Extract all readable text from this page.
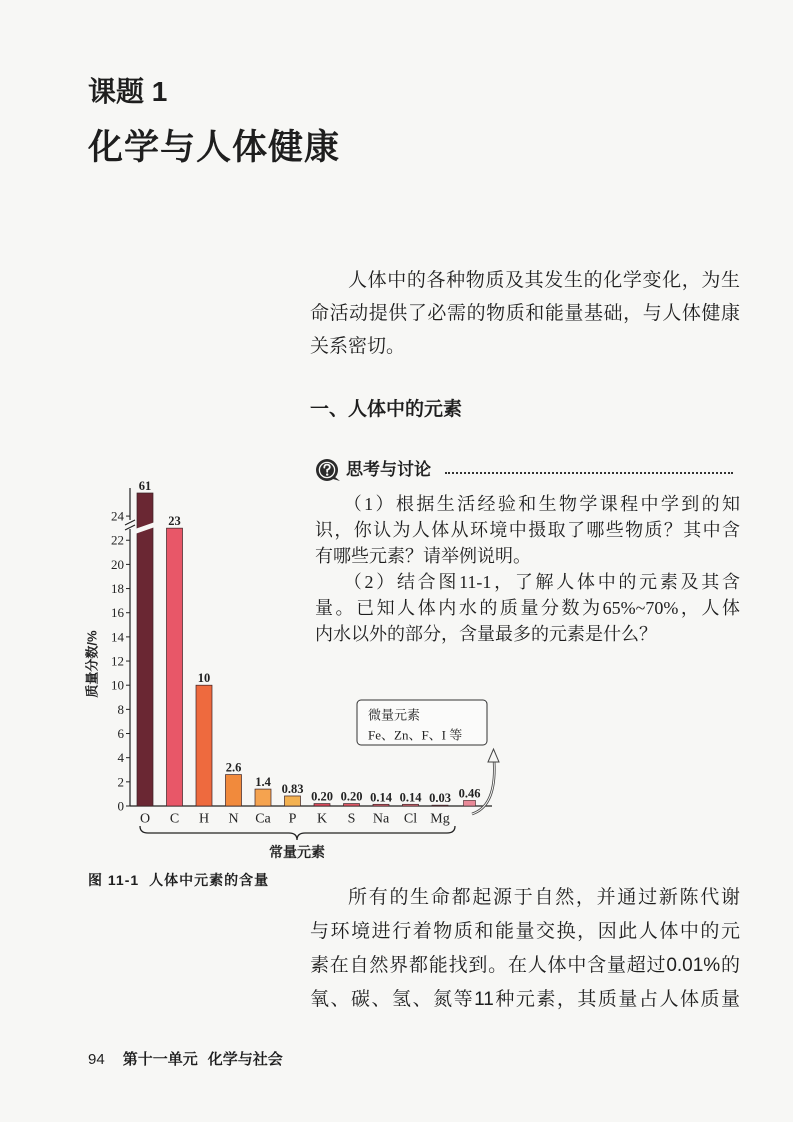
课题 1
化学与人体健康
人体中的各种物质及其发生的化学变化，为生
命活动提供了必需的物质和能量基础，与人体健康
关系密切。
一、人体中的元素
思考与讨论
（1）根据生活经验和生物学课程中学到的知
识，你认为人体从环境中摄取了哪些物质？其中含
有哪些元素？请举例说明。
（2）结合图11-1，了解人体中的元素及其含
量。已知人体内水的质量分数为65%~70%，人体
内水以外的部分，含量最多的元素是什么？
0
2
4
6
8
10
12
14
16
18
20
22
24
质量分数/%
61
O
23
C
10
H
2.6
N
1.4
Ca
0.83
P
0.20
K
0.20
S
0.14
Na
0.14
Cl
0.03
Mg
0.46
常量元素
微量元素
Fe、Zn、F、I 等
图 11-1 人体中元素的含量
所有的生命都起源于自然，并通过新陈代谢
与环境进行着物质和能量交换，因此人体中的元
素在自然界都能找到。在人体中含量超过0.01%的
氧、碳、氢、氮等11种元素，其质量占人体质量
94 第十一单元 化学与社会
